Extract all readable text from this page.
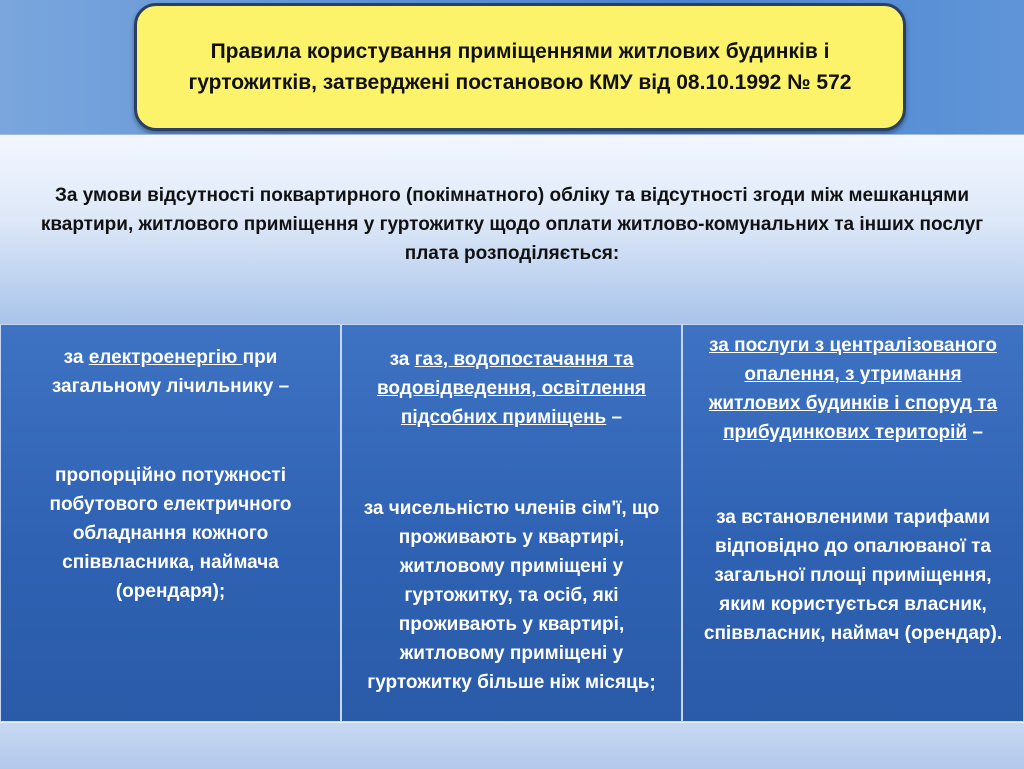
Правила користування приміщеннями житлових будинків і гуртожитків, затверджені постановою КМУ від 08.10.1992 № 572
За умови відсутності поквартирного (покімнатного) обліку та відсутності згоди між мешканцями квартири, житлового приміщення у гуртожитку щодо оплати житлово-комунальних та інших послуг плата розподіляється:

за електроенергію при загальному лічильнику –

пропорційно потужності побутового електричного обладнання кожного співвласника, наймача (орендаря);

за газ, водопостачання та водовідведення, освітлення підсобних приміщень –

за чисельністю членів сім'ї, що проживають у квартирі, житловому приміщені у гуртожитку, та осіб, які проживають у квартирі, житловому приміщені у гуртожитку більше ніж місяць;

за послуги з централізованого опалення, з утримання житлових будинків і споруд та прибудинкових територій –

за встановленими тарифами відповідно до опалюваної та загальної площі приміщення, яким користується власник, співвласник, наймач (орендар).
